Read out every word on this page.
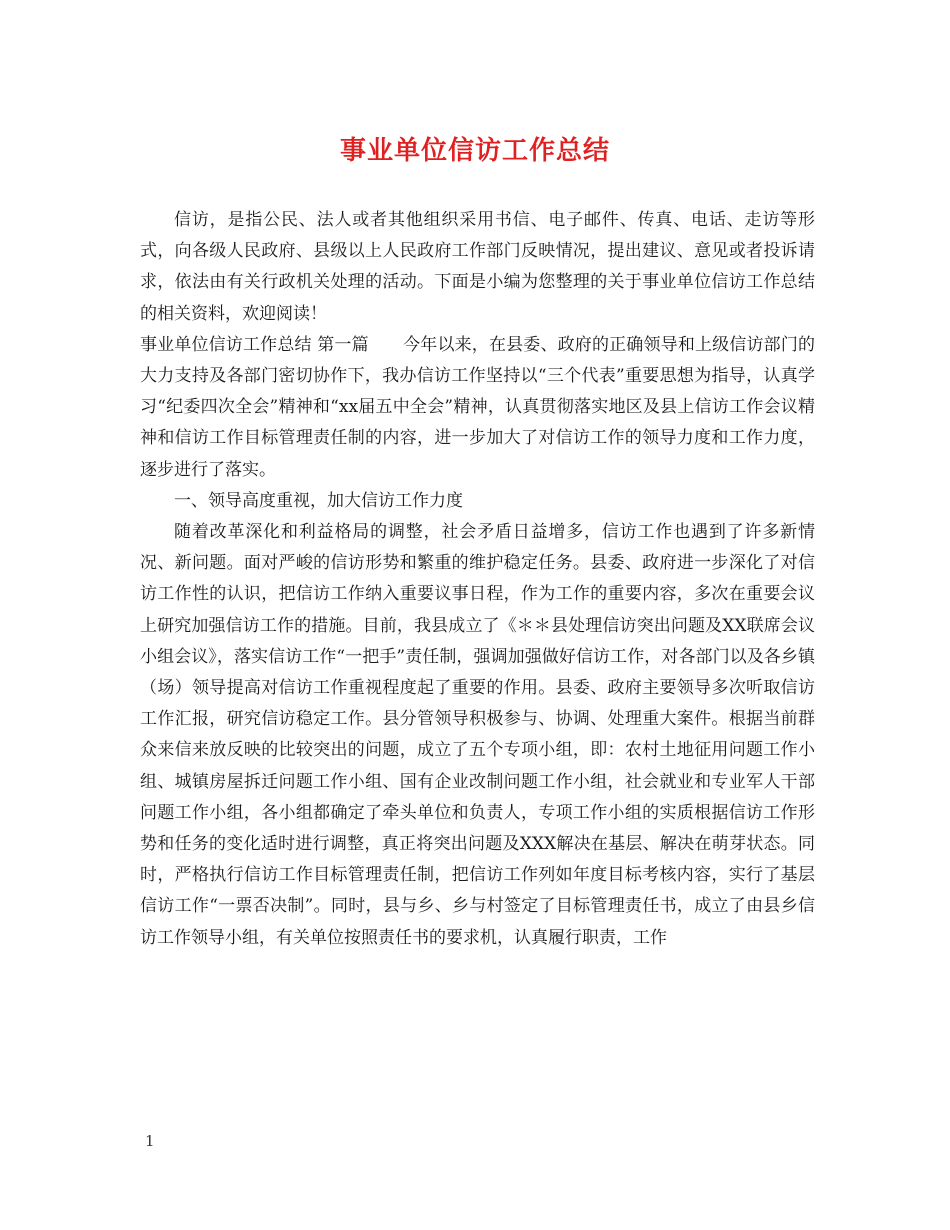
事业单位信访工作总结

信访，是指公民、法人或者其他组织采用书信、电子邮件、传真、电话、走访等形式，向各级人民政府、县级以上人民政府工作部门反映情况，提出建议、意见或者投诉请求，依法由有关行政机关处理的活动。下面是小编为您整理的关于事业单位信访工作总结的相关资料，欢迎阅读！

事业单位信访工作总结 第一篇　　今年以来，在县委、政府的正确领导和上级信访部门的大力支持及各部门密切协作下，我办信访工作坚持以“三个代表”重要思想为指导，认真学习“纪委四次全会”精神和“xx届五中全会”精神，认真贯彻落实地区及县上信访工作会议精神和信访工作目标管理责任制的内容，进一步加大了对信访工作的领导力度和工作力度，逐步进行了落实。

一、领导高度重视，加大信访工作力度

随着改革深化和利益格局的调整，社会矛盾日益增多，信访工作也遇到了许多新情况、新问题。面对严峻的信访形势和繁重的维护稳定任务。县委、政府进一步深化了对信访工作性的认识，把信访工作纳入重要议事日程，作为工作的重要内容，多次在重要会议上研究加强信访工作的措施。目前，我县成立了《＊＊县处理信访突出问题及XX联席会议小组会议》，落实信访工作“一把手”责任制，强调加强做好信访工作，对各部门以及各乡镇（场）领导提高对信访工作重视程度起了重要的作用。县委、政府主要领导多次听取信访工作汇报，研究信访稳定工作。县分管领导积极参与、协调、处理重大案件。根据当前群众来信来放反映的比较突出的问题，成立了五个专项小组，即：农村土地征用问题工作小组、城镇房屋拆迁问题工作小组、国有企业改制问题工作小组，社会就业和专业军人干部问题工作小组，各小组都确定了牵头单位和负责人，专项工作小组的实质根据信访工作形势和任务的变化适时进行调整，真正将突出问题及XXX解决在基层、解决在萌芽状态。同时，严格执行信访工作目标管理责任制，把信访工作列如年度目标考核内容，实行了基层信访工作“一票否决制”。同时，县与乡、乡与村签定了目标管理责任书，成立了由县乡信访工作领导小组，有关单位按照责任书的要求机，认真履行职责，工作

1
